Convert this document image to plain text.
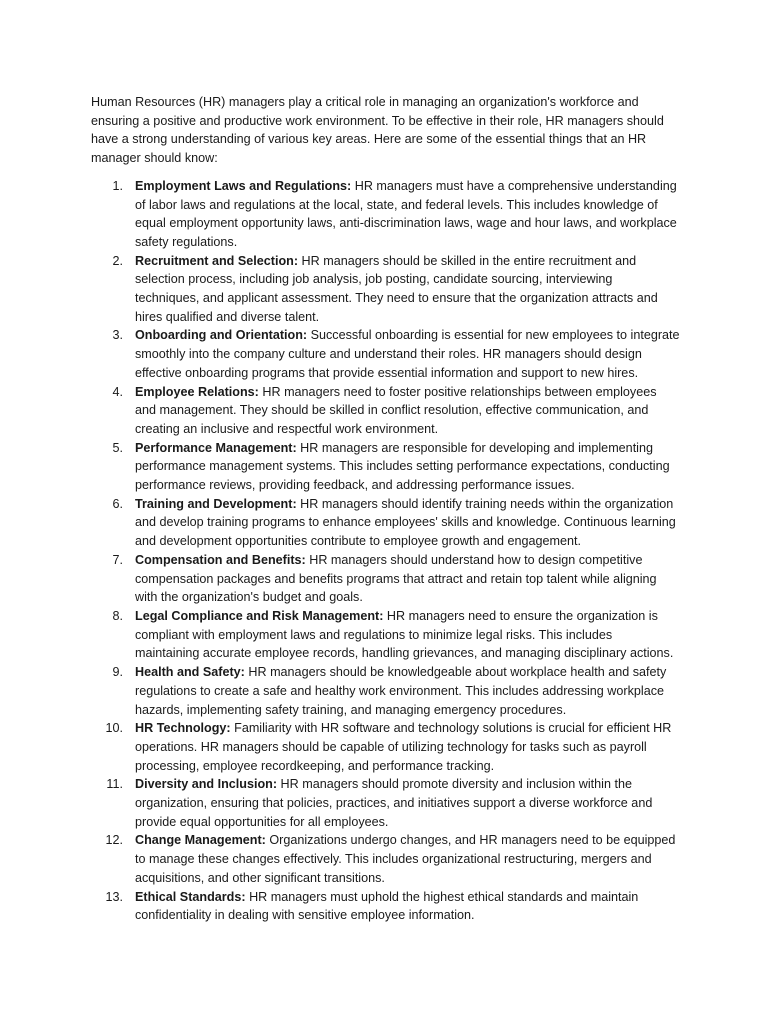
Human Resources (HR) managers play a critical role in managing an organization's workforce and ensuring a positive and productive work environment. To be effective in their role, HR managers should have a strong understanding of various key areas. Here are some of the essential things that an HR manager should know:

1. Employment Laws and Regulations: HR managers must have a comprehensive understanding of labor laws and regulations at the local, state, and federal levels. This includes knowledge of equal employment opportunity laws, anti-discrimination laws, wage and hour laws, and workplace safety regulations.
2. Recruitment and Selection: HR managers should be skilled in the entire recruitment and selection process, including job analysis, job posting, candidate sourcing, interviewing techniques, and applicant assessment. They need to ensure that the organization attracts and hires qualified and diverse talent.
3. Onboarding and Orientation: Successful onboarding is essential for new employees to integrate smoothly into the company culture and understand their roles. HR managers should design effective onboarding programs that provide essential information and support to new hires.
4. Employee Relations: HR managers need to foster positive relationships between employees and management. They should be skilled in conflict resolution, effective communication, and creating an inclusive and respectful work environment.
5. Performance Management: HR managers are responsible for developing and implementing performance management systems. This includes setting performance expectations, conducting performance reviews, providing feedback, and addressing performance issues.
6. Training and Development: HR managers should identify training needs within the organization and develop training programs to enhance employees' skills and knowledge. Continuous learning and development opportunities contribute to employee growth and engagement.
7. Compensation and Benefits: HR managers should understand how to design competitive compensation packages and benefits programs that attract and retain top talent while aligning with the organization's budget and goals.
8. Legal Compliance and Risk Management: HR managers need to ensure the organization is compliant with employment laws and regulations to minimize legal risks. This includes maintaining accurate employee records, handling grievances, and managing disciplinary actions.
9. Health and Safety: HR managers should be knowledgeable about workplace health and safety regulations to create a safe and healthy work environment. This includes addressing workplace hazards, implementing safety training, and managing emergency procedures.
10. HR Technology: Familiarity with HR software and technology solutions is crucial for efficient HR operations. HR managers should be capable of utilizing technology for tasks such as payroll processing, employee recordkeeping, and performance tracking.
11. Diversity and Inclusion: HR managers should promote diversity and inclusion within the organization, ensuring that policies, practices, and initiatives support a diverse workforce and provide equal opportunities for all employees.
12. Change Management: Organizations undergo changes, and HR managers need to be equipped to manage these changes effectively. This includes organizational restructuring, mergers and acquisitions, and other significant transitions.
13. Ethical Standards: HR managers must uphold the highest ethical standards and maintain confidentiality in dealing with sensitive employee information.
